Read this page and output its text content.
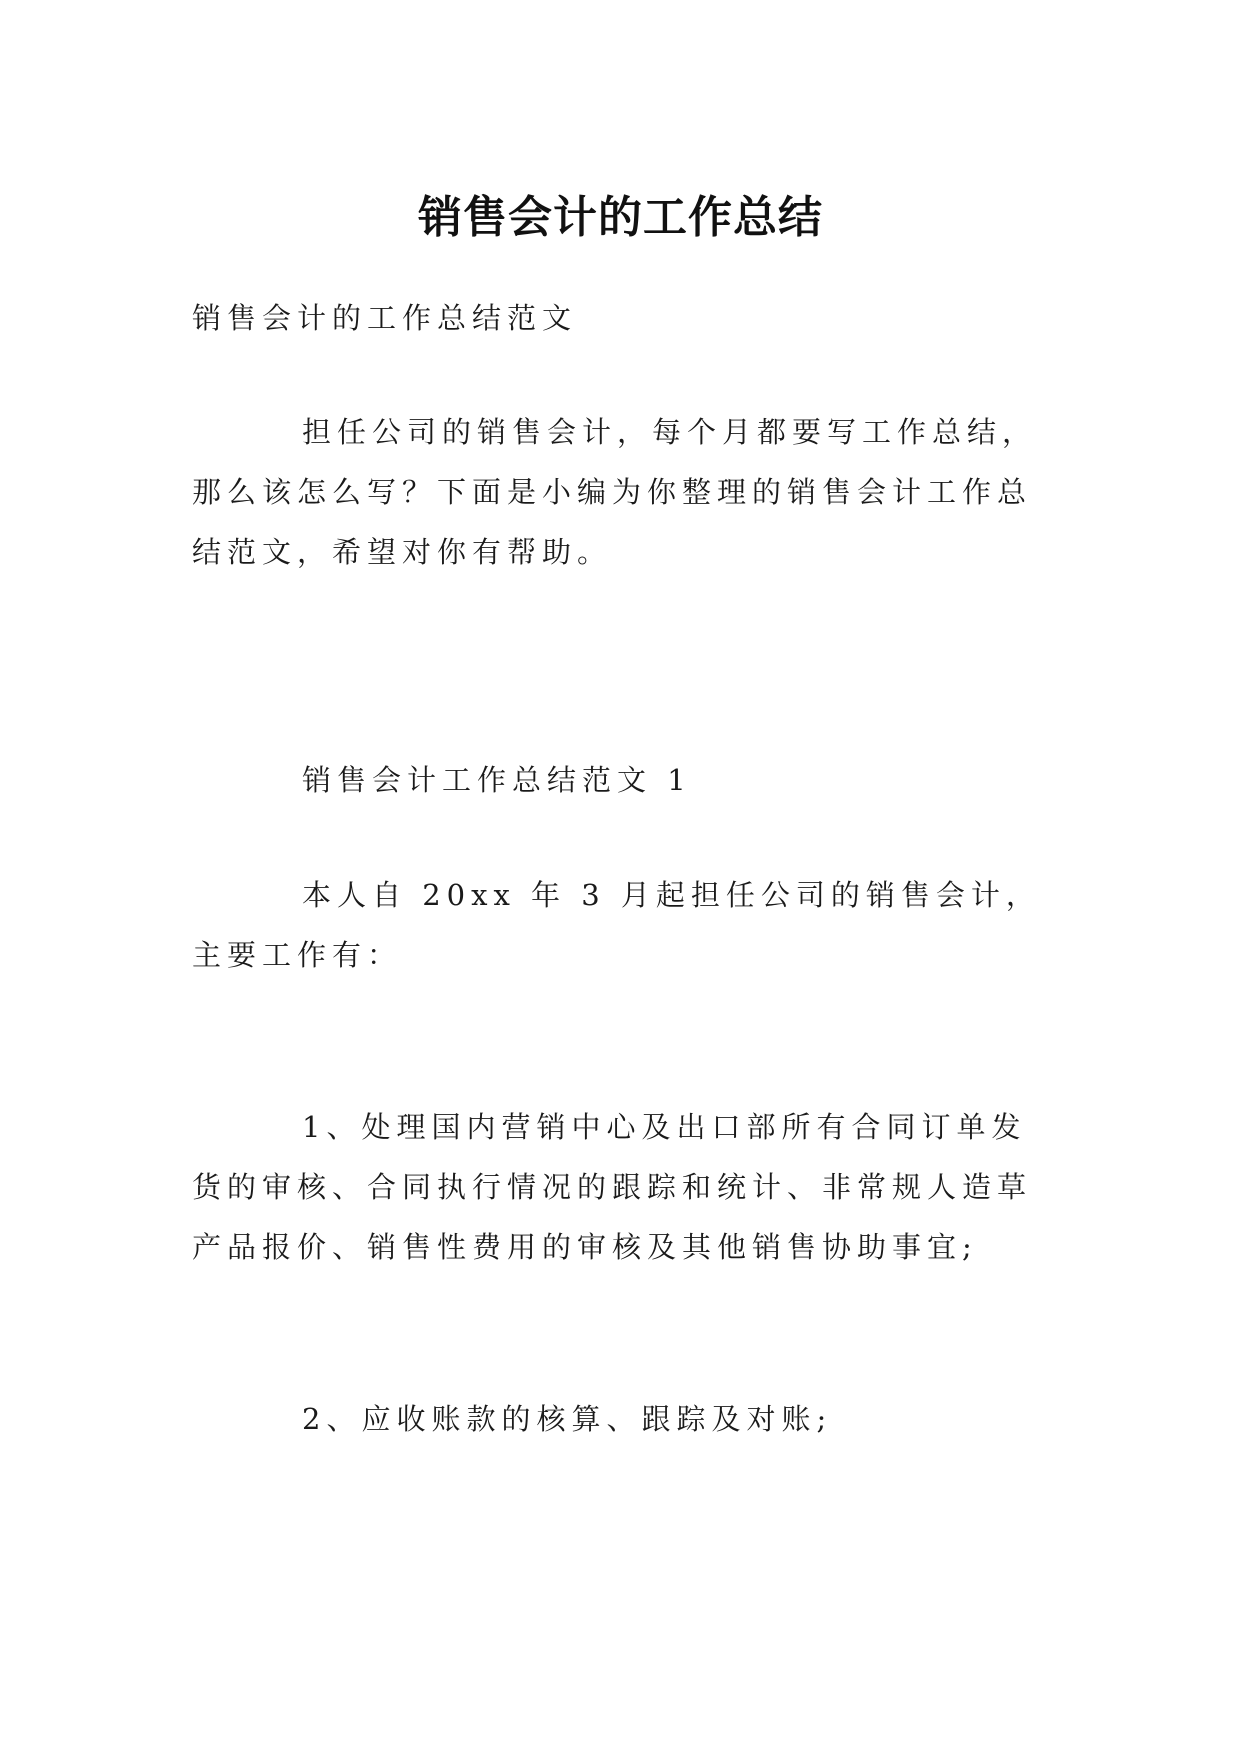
销售会计的工作总结

销售会计的工作总结范文

担任公司的销售会计，每个月都要写工作总结，那么该怎么写？下面是小编为你整理的销售会计工作总结范文，希望对你有帮助。

销售会计工作总结范文 1

本人自 20xx 年 3 月起担任公司的销售会计，主要工作有：

1、处理国内营销中心及出口部所有合同订单发货的审核、合同执行情况的跟踪和统计、非常规人造草产品报价、销售性费用的审核及其他销售协助事宜;

2、应收账款的核算、跟踪及对账;
